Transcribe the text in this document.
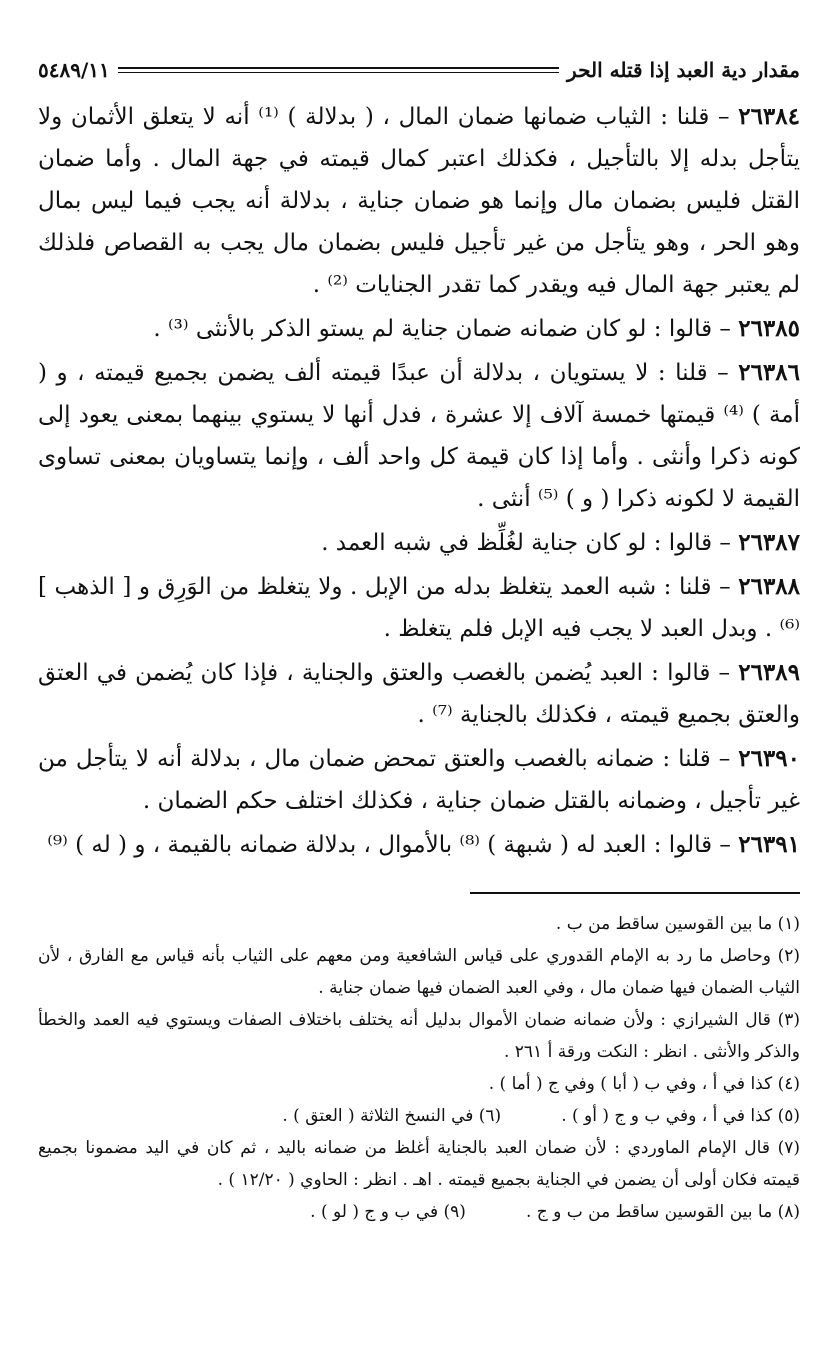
مقدار دية العبد إذا قتله الحر
٥٤٨٩/١١

٢٦٣٨٤ – قلنا : الثياب ضمانها ضمان المال ، ( بدلالة ) ⁽¹⁾ أنه لا يتعلق الأثمان ولا يتأجل بدله إلا بالتأجيل ، فكذلك اعتبر كمال قيمته في جهة المال . وأما ضمان القتل فليس بضمان مال وإنما هو ضمان جناية ، بدلالة أنه يجب فيما ليس بمال وهو الحر ، وهو يتأجل من غير تأجيل فليس بضمان مال يجب به القصاص فلذلك لم يعتبر جهة المال فيه ويقدر كما تقدر الجنايات ⁽²⁾ .

٢٦٣٨٥ – قالوا : لو كان ضمانه ضمان جناية لم يستو الذكر بالأنثى ⁽³⁾ .

٢٦٣٨٦ – قلنا : لا يستويان ، بدلالة أن عبدًا قيمته ألف يضمن بجميع قيمته ، و ( أمة ) ⁽⁴⁾ قيمتها خمسة آلاف إلا عشرة ، فدل أنها لا يستوي بينهما بمعنى يعود إلى كونه ذكرا وأنثى . وأما إذا كان قيمة كل واحد ألف ، وإنما يتساويان بمعنى تساوى القيمة لا لكونه ذكرا ( و ) ⁽⁵⁾ أنثى .

٢٦٣٨٧ – قالوا : لو كان جناية لغُلِّظ في شبه العمد .

٢٦٣٨٨ – قلنا : شبه العمد يتغلظ بدله من الإبل . ولا يتغلظ من الوَرِق و [ الذهب ] ⁽⁶⁾ . وبدل العبد لا يجب فيه الإبل فلم يتغلظ .

٢٦٣٨٩ – قالوا : العبد يُضمن بالغصب والعتق والجناية ، فإذا كان يُضمن في العتق والعتق بجميع قيمته ، فكذلك بالجناية ⁽⁷⁾ .

٢٦٣٩٠ – قلنا : ضمانه بالغصب والعتق تمحض ضمان مال ، بدلالة أنه لا يتأجل من غير تأجيل ، وضمانه بالقتل ضمان جناية ، فكذلك اختلف حكم الضمان .

٢٦٣٩١ – قالوا : العبد له ( شبهة ) ⁽⁸⁾ بالأموال ، بدلالة ضمانه بالقيمة ، و ( له ) ⁽⁹⁾

(١) ما بين القوسين ساقط من ب .

(٢) وحاصل ما رد به الإمام القدوري على قياس الشافعية ومن معهم على الثياب بأنه قياس مع الفارق ، لأن الثياب الضمان فيها ضمان مال ، وفي العبد الضمان فيها ضمان جناية .

(٣) قال الشيرازي : ولأن ضمانه ضمان الأموال بدليل أنه يختلف باختلاف الصفات ويستوي فيه العمد والخطأ والذكر والأنثى . انظر : النكت ورقة أ ٢٦١ .

(٤) كذا في أ ، وفي ب ( أبا ) وفي ج ( أما ) .

(٥) كذا في أ ، وفي ب و ج ( أو ) .
(٦) في النسخ الثلاثة ( العتق ) .

(٧) قال الإمام الماوردي : لأن ضمان العبد بالجناية أغلظ من ضمانه باليد ، ثم كان في اليد مضمونا بجميع قيمته فكان أولى أن يضمن في الجناية بجميع قيمته . اهـ . انظر : الحاوي ( ١٢/٢٠ ) .

(٨) ما بين القوسين ساقط من ب و ج .
(٩) في ب و ج ( لو ) .
